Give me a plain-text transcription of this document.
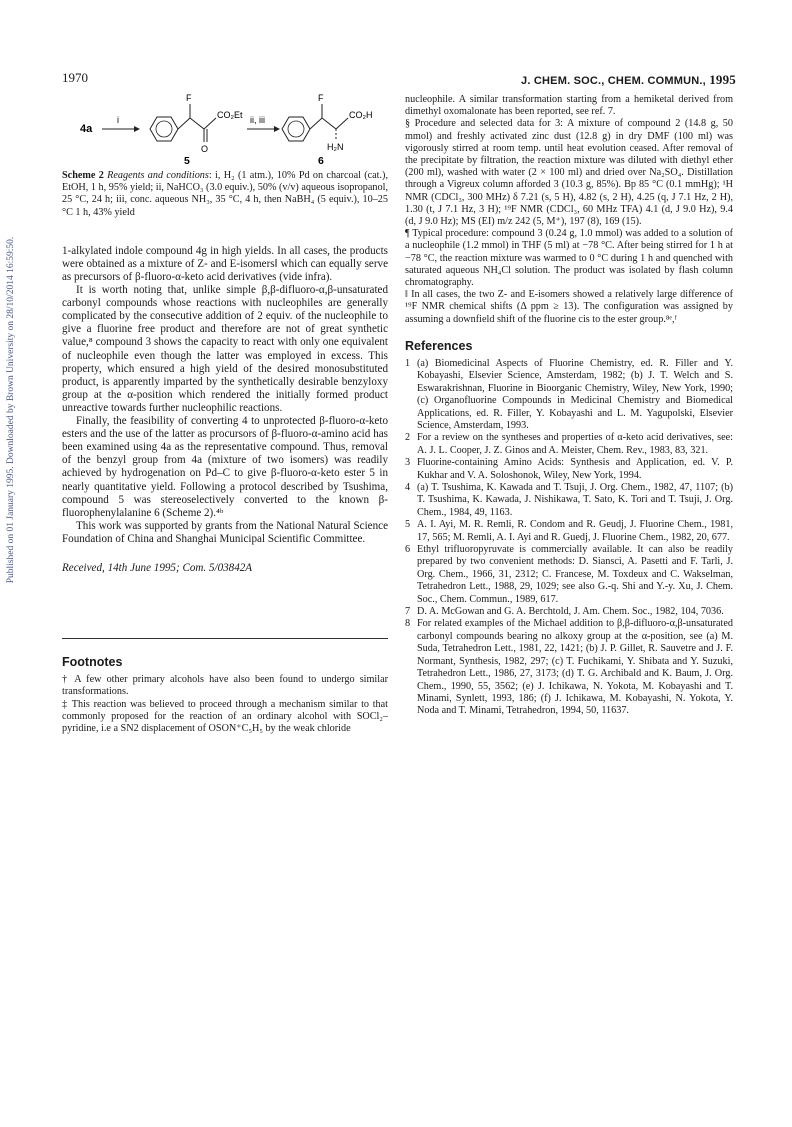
Published on 01 January 1995. Downloaded by Brown University on 28/10/2014 16:59:50.
1970	J. CHEM. SOC., CHEM. COMMUN., 1995
4a
i
F
O
CO₂Et
5
ii, iii
F
H₂N
CO₂H
6

Scheme 2 Reagents and conditions: i, H₂ (1 atm.), 10% Pd on charcoal (cat.), EtOH, 1 h, 95% yield; ii, NaHCO₃ (3.0 equiv.), 50% (v/v) aqueous isopropanol, 25 °C, 24 h; iii, conc. aqueous NH₃, 35 °C, 4 h, then NaBH₄ (5 equiv.), 10–25 °C 1 h, 43% yield

1-alkylated indole compound 4g in high yields. In all cases, the products were obtained as a mixture of Z- and E-isomers‖ which can equally serve as precursors of β-fluoro-α-keto acid derivatives (vide infra).

It is worth noting that, unlike simple β,β-difluoro-α,β-unsaturated carbonyl compounds whose reactions with nucleophiles are generally complicated by the consecutive addition of 2 equiv. of the nucleophile to give a fluorine free product and therefore are not of great synthetic value,⁸ compound 3 shows the capacity to react with only one equivalent of nucleophile even though the latter was employed in excess. This property, which ensured a high yield of the desired monosubstituted product, is apparently imparted by the synthetically desirable benzyloxy group at the α-position which rendered the initially formed product unreactive towards further nucleophilic reactions.

Finally, the feasibility of converting 4 to unprotected β-fluoro-α-keto esters and the use of the latter as procursors of β-fluoro-α-amino acid has been examined using 4a as the representative compound. Thus, removal of the benzyl group from 4a (mixture of two isomers) was readily achieved by hydrogenation on Pd–C to give β-fluoro-α-keto ester 5 in nearly quantitative yield. Following a protocol described by Tsushima, compound 5 was stereoselectively converted to the known β-fluorophenylalanine 6 (Scheme 2).⁴ᵇ

This work was supported by grants from the National Natural Science Foundation of China and Shanghai Municipal Scientific Committee.

Received, 14th June 1995; Com. 5/03842A

Footnotes

† A few other primary alcohols have also been found to undergo similar transformations.

‡ This reaction was believed to proceed through a mechanism similar to that commonly proposed for the reaction of an ordinary alcohol with SOCl₂–pyridine, i.e a SN2 displacement of OSON⁺C₅H₅ by the weak chloride

nucleophile. A similar transformation starting from a hemiketal derived from dimethyl oxomalonate has been reported, see ref. 7.

§ Procedure and selected data for 3: A mixture of compound 2 (14.8 g, 50 mmol) and freshly activated zinc dust (12.8 g) in dry DMF (100 ml) was vigorously stirred at room temp. until heat evolution ceased. After removal of the precipitate by filtration, the reaction mixture was diluted with diethyl ether (200 ml), washed with water (2 × 100 ml) and dried over Na₂SO₄. Distillation through a Vigreux column afforded 3 (10.3 g, 85%). Bp 85 °C (0.1 mmHg); ¹H NMR (CDCl₃, 300 MHz) δ 7.21 (s, 5 H), 4.82 (s, 2 H), 4.25 (q, J 7.1 Hz, 2 H), 1.30 (t, J 7.1 Hz, 3 H); ¹⁹F NMR (CDCl₃, 60 MHz TFA) 4.1 (d, J 9.0 Hz), 9.4 (d, J 9.0 Hz); MS (EI) m/z 242 (5, M⁺), 197 (8), 169 (15).

¶ Typical procedure: compound 3 (0.24 g, 1.0 mmol) was added to a solution of a nucleophile (1.2 mmol) in THF (5 ml) at −78 °C. After being stirred for 1 h at −78 °C, the reaction mixture was warmed to 0 °C during 1 h and quenched with saturated aqueous NH₄Cl solution. The product was isolated by flash column chromatography.

‖ In all cases, the two Z- and E-isomers showed a relatively large difference of ¹⁹F NMR chemical shifts (Δ ppm ≥ 13). The configuration was assigned by assuming a downfield shift of the fluorine cis to the ester group.⁸ᵉ,ᶠ

References

1 (a) Biomedicinal Aspects of Fluorine Chemistry, ed. R. Filler and Y. Kobayashi, Elsevier Science, Amsterdam, 1982; (b) J. T. Welch and S. Eswarakrishnan, Fluorine in Bioorganic Chemistry, Wiley, New York, 1990; (c) Organofluorine Compounds in Medicinal Chemistry and Biomedical Applications, ed. R. Filler, Y. Kobayashi and L. M. Yagupolski, Elsevier Science, Amsterdam, 1993.

2 For a review on the syntheses and properties of α-keto acid derivatives, see: A. J. L. Cooper, J. Z. Ginos and A. Meister, Chem. Rev., 1983, 83, 321.

3 Fluorine-containing Amino Acids: Synthesis and Application, ed. V. P. Kukhar and V. A. Soloshonok, Wiley, New York, 1994.

4 (a) T. Tsushima, K. Kawada and T. Tsuji, J. Org. Chem., 1982, 47, 1107; (b) T. Tsushima, K. Kawada, J. Nishikawa, T. Sato, K. Tori and T. Tsuji, J. Org. Chem., 1984, 49, 1163.

5 A. I. Ayi, M. R. Remli, R. Condom and R. Geudj, J. Fluorine Chem., 1981, 17, 565; M. Remli, A. I. Ayi and R. Guedj, J. Fluorine Chem., 1982, 20, 677.

6 Ethyl trifluoropyruvate is commercially available. It can also be readily prepared by two convenient methods: D. Siansci, A. Pasetti and F. Tarli, J. Org. Chem., 1966, 31, 2312; C. Francese, M. Toxdeux and C. Wakselman, Tetrahedron Lett., 1988, 29, 1029; see also G.-q. Shi and Y.-y. Xu, J. Chem. Soc., Chem. Commun., 1989, 617.

7 D. A. McGowan and G. A. Berchtold, J. Am. Chem. Soc., 1982, 104, 7036.

8 For related examples of the Michael addition to β,β-difluoro-α,β-unsaturated carbonyl compounds bearing no alkoxy group at the α-position, see (a) M. Suda, Tetrahedron Lett., 1981, 22, 1421; (b) J. P. Gillet, R. Sauvetre and J. F. Normant, Synthesis, 1982, 297; (c) T. Fuchikami, Y. Shibata and Y. Suzuki, Tetrahedron Lett., 1986, 27, 3173; (d) T. G. Archibald and K. Baum, J. Org. Chem., 1990, 55, 3562; (e) J. Ichikawa, N. Yokota, M. Kobayashi and T. Minami, Synlett, 1993, 186; (f) J. Ichikawa, M. Kobayashi, N. Yokota, Y. Noda and T. Minami, Tetrahedron, 1994, 50, 11637.
